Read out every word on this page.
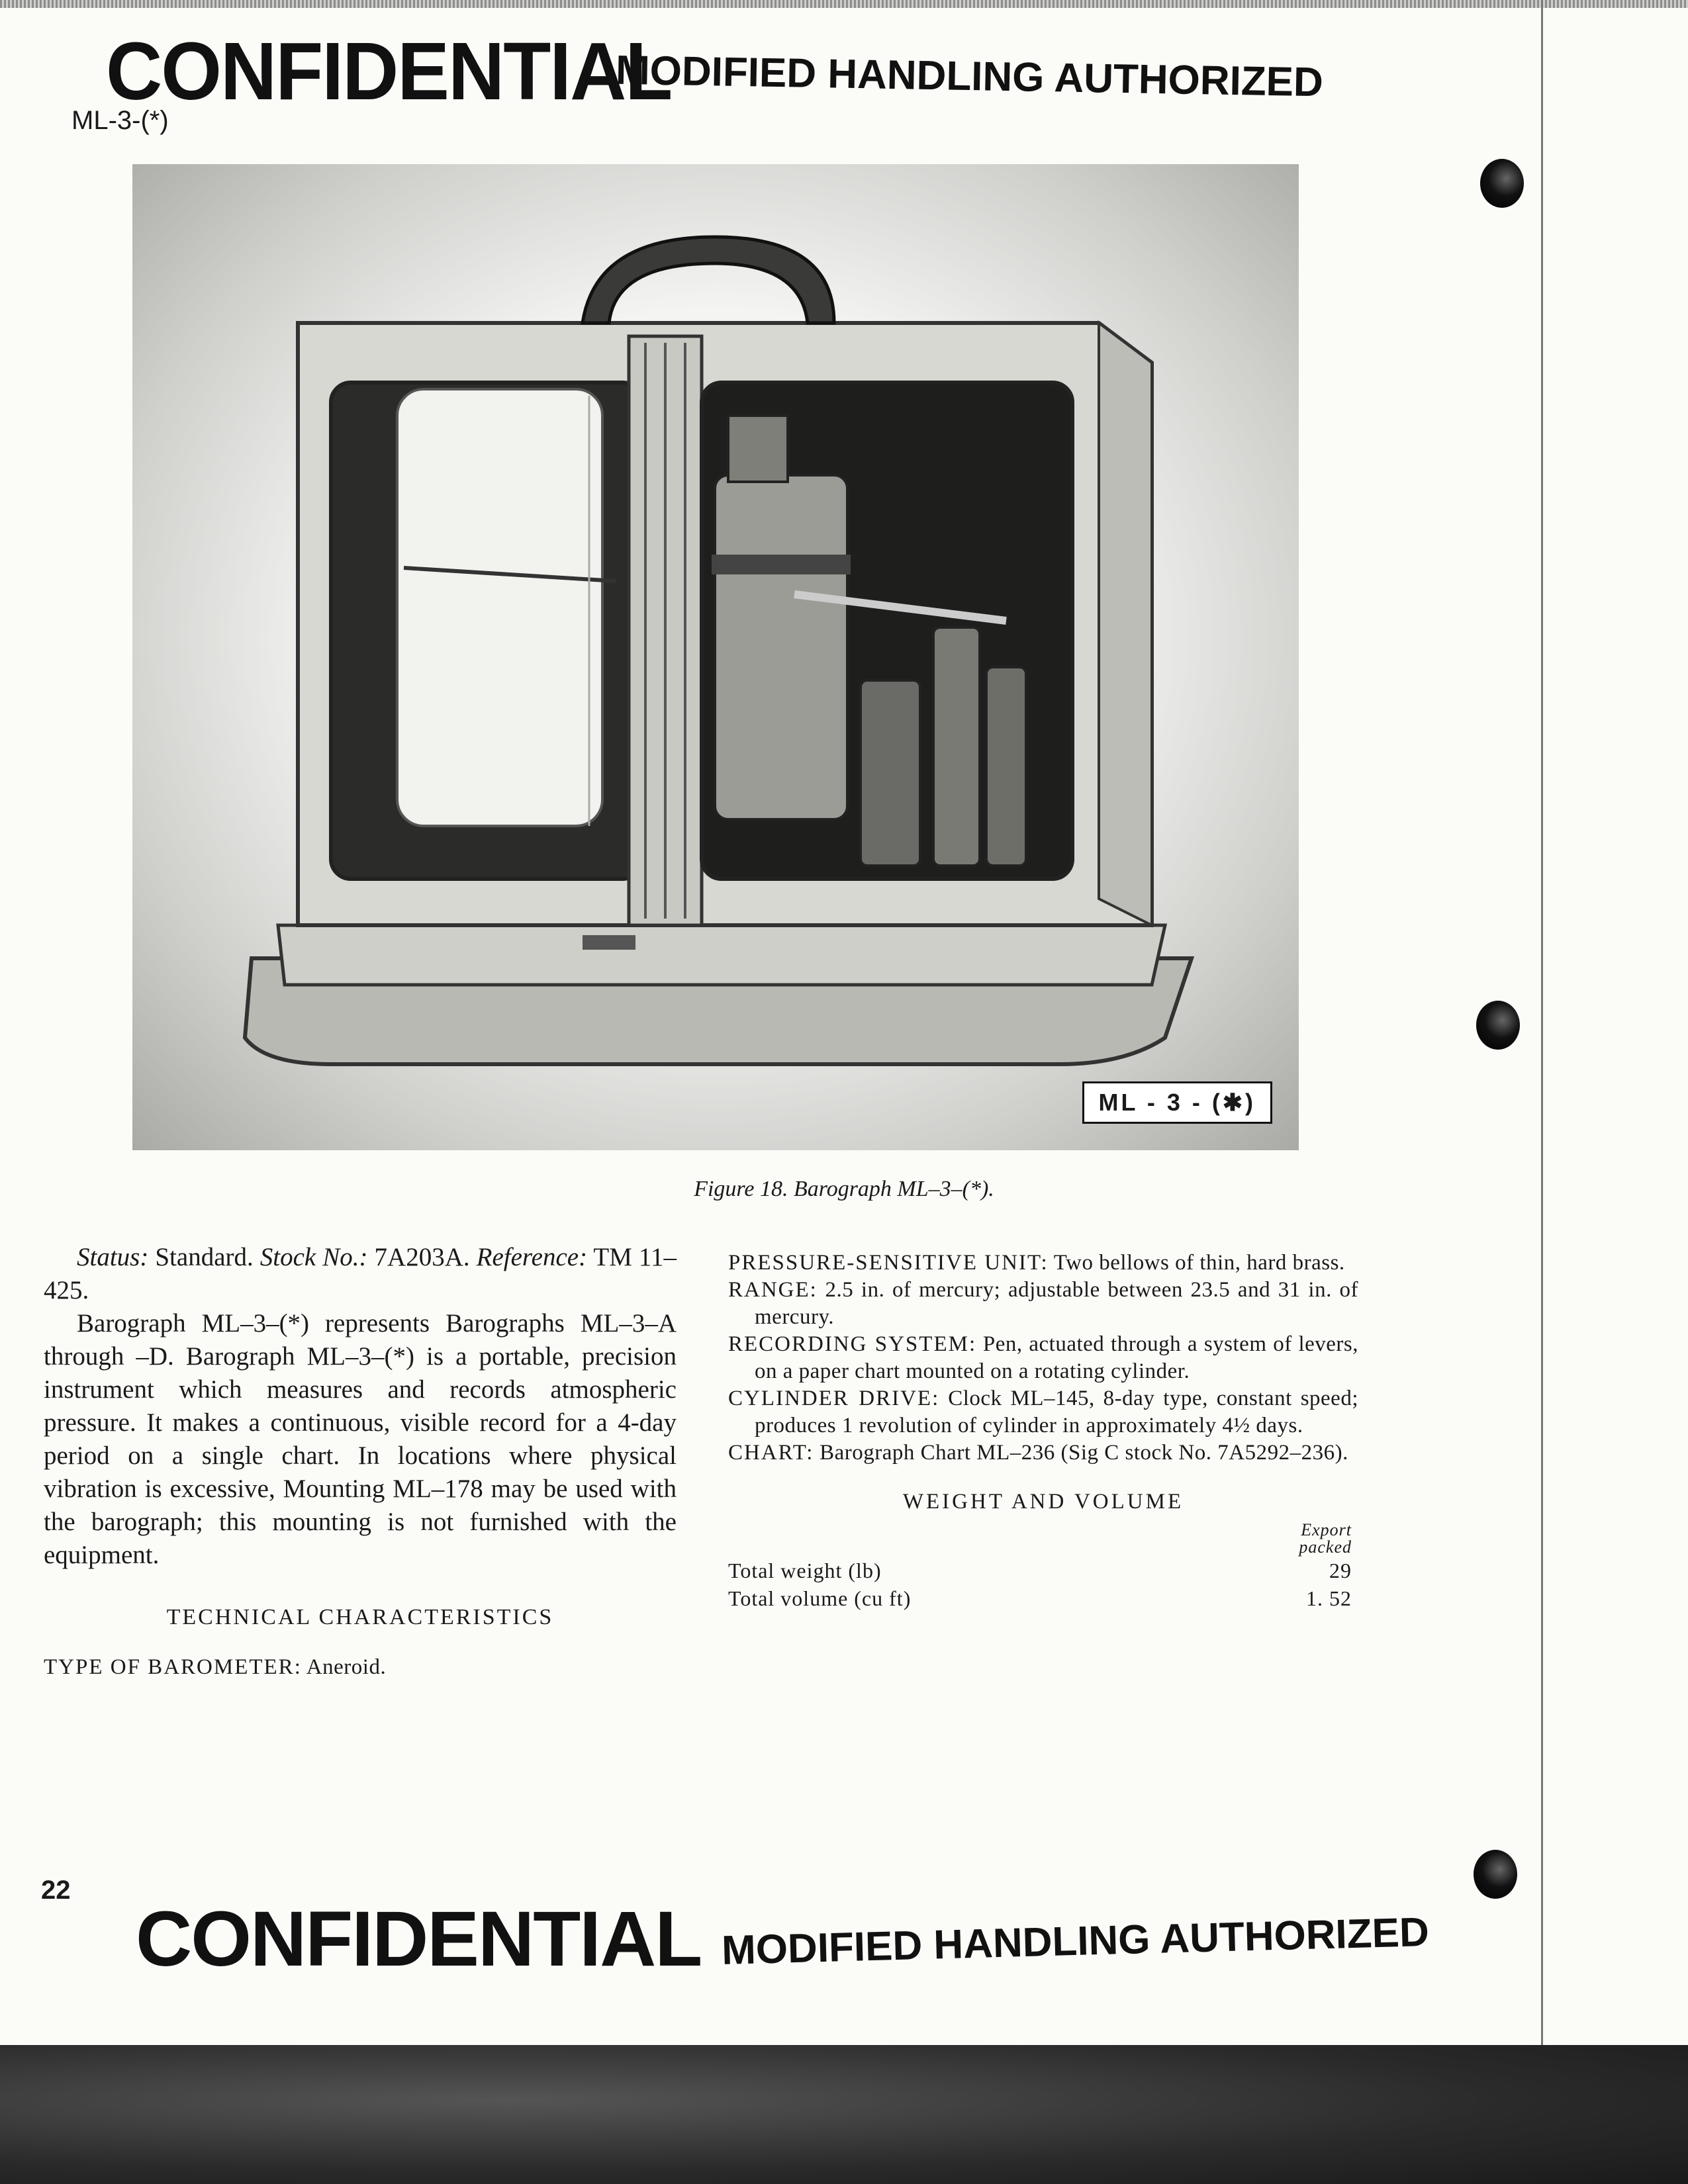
CONFIDENTIAL
MODIFIED HANDLING AUTHORIZED
ML-3-(*)
ML - 3 - (✱)
Figure 18. Barograph ML–3–(*).

Status: Standard. Stock No.: 7A203A. Reference: TM 11–425.

Barograph ML–3–(*) represents Barographs ML–3–A through –D. Barograph ML–3–(*) is a portable, precision instrument which measures and records atmospheric pressure. It makes a continuous, visible record for a 4-day period on a single chart. In locations where physical vibration is excessive, Mounting ML–178 may be used with the barograph; this mounting is not furnished with the equipment.

TECHNICAL CHARACTERISTICS
TYPE OF BAROMETER: Aneroid.
PRESSURE-SENSITIVE UNIT: Two bellows of thin, hard brass.
RANGE: 2.5 in. of mercury; adjustable between 23.5 and 31 in. of mercury.
RECORDING SYSTEM: Pen, actuated through a system of levers, on a paper chart mounted on a rotating cylinder.
CYLINDER DRIVE: Clock ML–145, 8-day type, constant speed; produces 1 revolution of cylinder in approximately 4½ days.
CHART: Barograph Chart ML–236 (Sig C stock No. 7A5292–236).
WEIGHT AND VOLUME

	Export
packed

Total weight (lb)	29
Total volume (cu ft)	1. 52
22
CONFIDENTIAL MODIFIED HANDLING AUTHORIZED
